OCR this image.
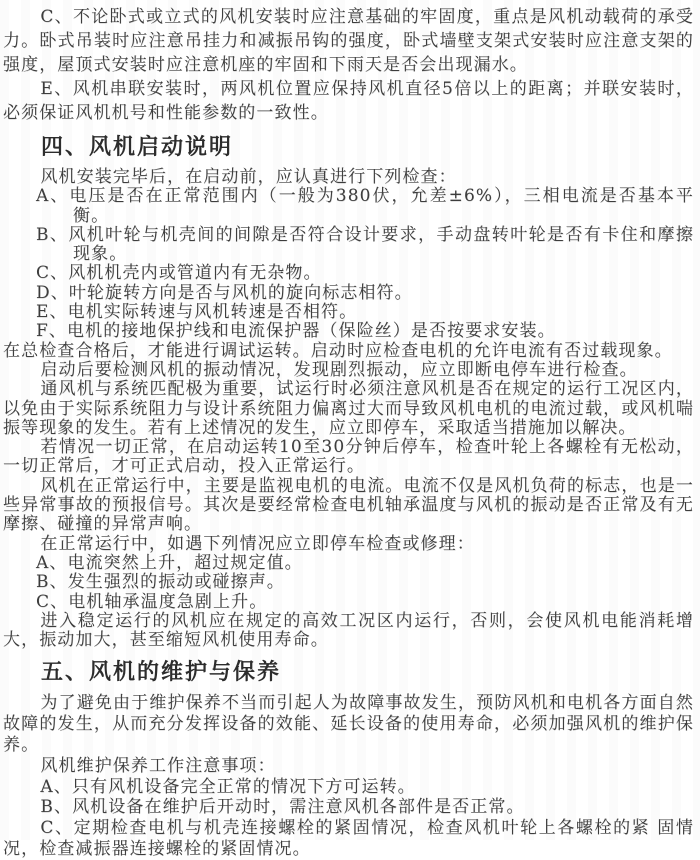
C、不论卧式或立式的风机安装时应注意基础的牢固度，重点是风机动载荷的承受力。卧式吊装时应注意吊挂力和减振吊钩的强度，卧式墙壁支架式安装时应注意支架的强度，屋顶式安装时应注意机座的牢固和下雨天是否会出现漏水。

E、风机串联安装时，两风机位置应保持风机直径5倍以上的距离；并联安装时，必须保证风机机号和性能参数的一致性。

四、风机启动说明

风机安装完毕后，在启动前，应认真进行下列检查：

A、电压是否在正常范围内（一般为380伏，允差±6%），三相电流是否基本平衡。

B、风机叶轮与机壳间的间隙是否符合设计要求，手动盘转叶轮是否有卡住和摩擦现象。

C、风机机壳内或管道内有无杂物。

D、叶轮旋转方向是否与风机的旋向标志相符。

E、电机实际转速与风机转速是否相符。

F、电机的接地保护线和电流保护器（保险丝）是否按要求安装。

在总检查合格后，才能进行调试运转。启动时应检查电机的允许电流有否过载现象。

启动后要检测风机的振动情况，发现剧烈振动，应立即断电停车进行检查。

通风机与系统匹配极为重要，试运行时必须注意风机是否在规定的运行工况区内，以免由于实际系统阻力与设计系统阻力偏离过大而导致风机电机的电流过载，或风机喘振等现象的发生。若有上述情况的发生，应立即停车，采取适当措施加以解决。

若情况一切正常，在启动运转10至30分钟后停车，检查叶轮上各螺栓有无松动，一切正常后，才可正式启动，投入正常运行。

风机在正常运行中，主要是监视电机的电流。电流不仅是风机负荷的标志，也是一些异常事故的预报信号。其次是要经常检查电机轴承温度与风机的振动是否正常及有无摩擦、碰撞的异常声响。

在正常运行中，如遇下列情况应立即停车检查或修理：

A、电流突然上升，超过规定值。

B、发生强烈的振动或碰擦声。

C、电机轴承温度急剧上升。

进入稳定运行的风机应在规定的高效工况区内运行，否则，会使风机电能消耗增大，振动加大，甚至缩短风机使用寿命。

五、风机的维护与保养

为了避免由于维护保养不当而引起人为故障事故发生，预防风机和电机各方面自然故障的发生，从而充分发挥设备的效能、延长设备的使用寿命，必须加强风机的维护保养。

风机维护保养工作注意事项：

A、只有风机设备完全正常的情况下方可运转。

B、风机设备在维护后开动时，需注意风机各部件是否正常。

C、定期检查电机与机壳连接螺栓的紧固情况，检查风机叶轮上各螺栓的紧 固情况，检查减振器连接螺栓的紧固情况。
